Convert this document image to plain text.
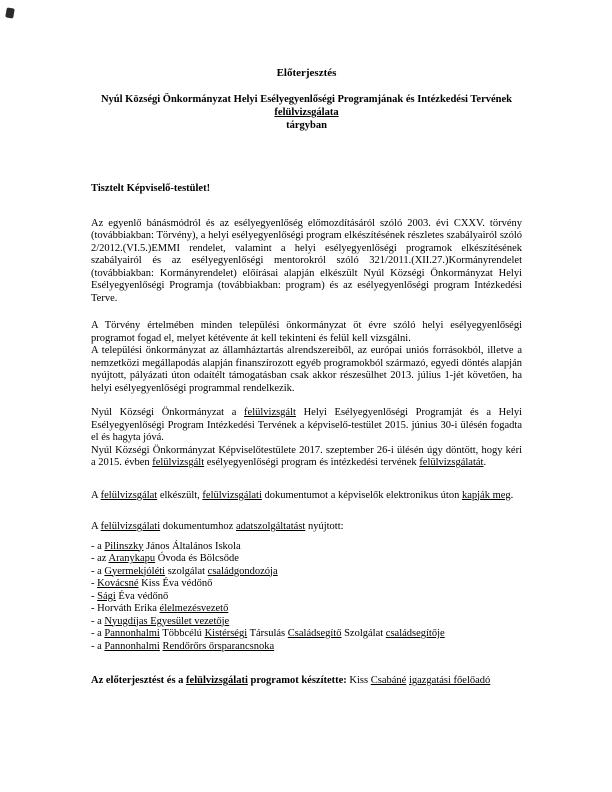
Előterjesztés
Nyúl Községi Önkormányzat Helyi Esélyegyenlőségi Programjának és Intézkedési Tervének
felülvizsgálata
tárgyban
Tisztelt Képviselő-testület!
Az egyenlő bánásmódról és az esélyegyenlőség előmozdításáról szóló 2003. évi CXXV. törvény (továbbiakban: Törvény), a helyi esélyegyenlőségi program elkészítésének részletes szabályairól szóló 2/2012.(VI.5.)EMMI rendelet, valamint a helyi esélyegyenlőségi programok elkészítésének szabályairól és az esélyegyenlőségi mentorokról szóló 321/2011.(XII.27.)Kormányrendelet (továbbiakban: Kormányrendelet) előírásai alapján elkészült Nyúl Községi Önkormányzat Helyi Esélyegyenlőségi Programja (továbbiakban: program) és az esélyegyenlőségi program Intézkedési Terve.
A Törvény értelmében minden települési önkormányzat öt évre szóló helyi esélyegyenlőségi programot fogad el, melyet kétévente át kell tekinteni és felül kell vizsgálni.
A települési önkormányzat az államháztartás alrendszereiből, az európai uniós forrásokból, illetve a nemzetközi megállapodás alapján finanszírozott egyéb programokból származó, egyedi döntés alapján nyújtott, pályázati úton odaítélt támogatásban csak akkor részesülhet 2013. július 1-jét követően, ha helyi esélyegyenlőségi programmal rendelkezik.
Nyúl Községi Önkormányzat a felülvizsgált Helyi Esélyegyenlőségi Programját és a Helyi Esélyegyenlőségi Program Intézkedési Tervének a képviselő-testület 2015. június 30-i ülésén fogadta el és hagyta jóvá.
Nyúl Községi Önkormányzat Képviselőtestülete 2017. szeptember 26-i ülésén úgy döntött, hogy kéri a 2015. évben felülvizsgált esélyegyenlőségi program és intézkedési tervének felülvizsgálatát.
A felülvizsgálat elkészült, felülvizsgálati dokumentumot a képviselők elektronikus úton kapják meg.
A felülvizsgálati dokumentumhoz adatszolgáltatást nyújtott:
- a Pilinszky János Általános Iskola
- az Aranykapu Óvoda és Bölcsőde
- a Gyermekjóléti szolgálat családgondozója
- Kovácsné Kiss Éva védőnő
- Sági Éva védőnő
- Horváth Erika élelmezésvezető
- a Nyugdíjas Egyesület vezetője
- a Pannonhalmi Többcélú Kistérségi Társulás Családsegítő Szolgálat családsegítője
- a Pannonhalmi Rendőrőrs őrsparancsnoka
Az előterjesztést és a felülvizsgálati programot készítette: Kiss Csabáné igazgatási főelőadó
